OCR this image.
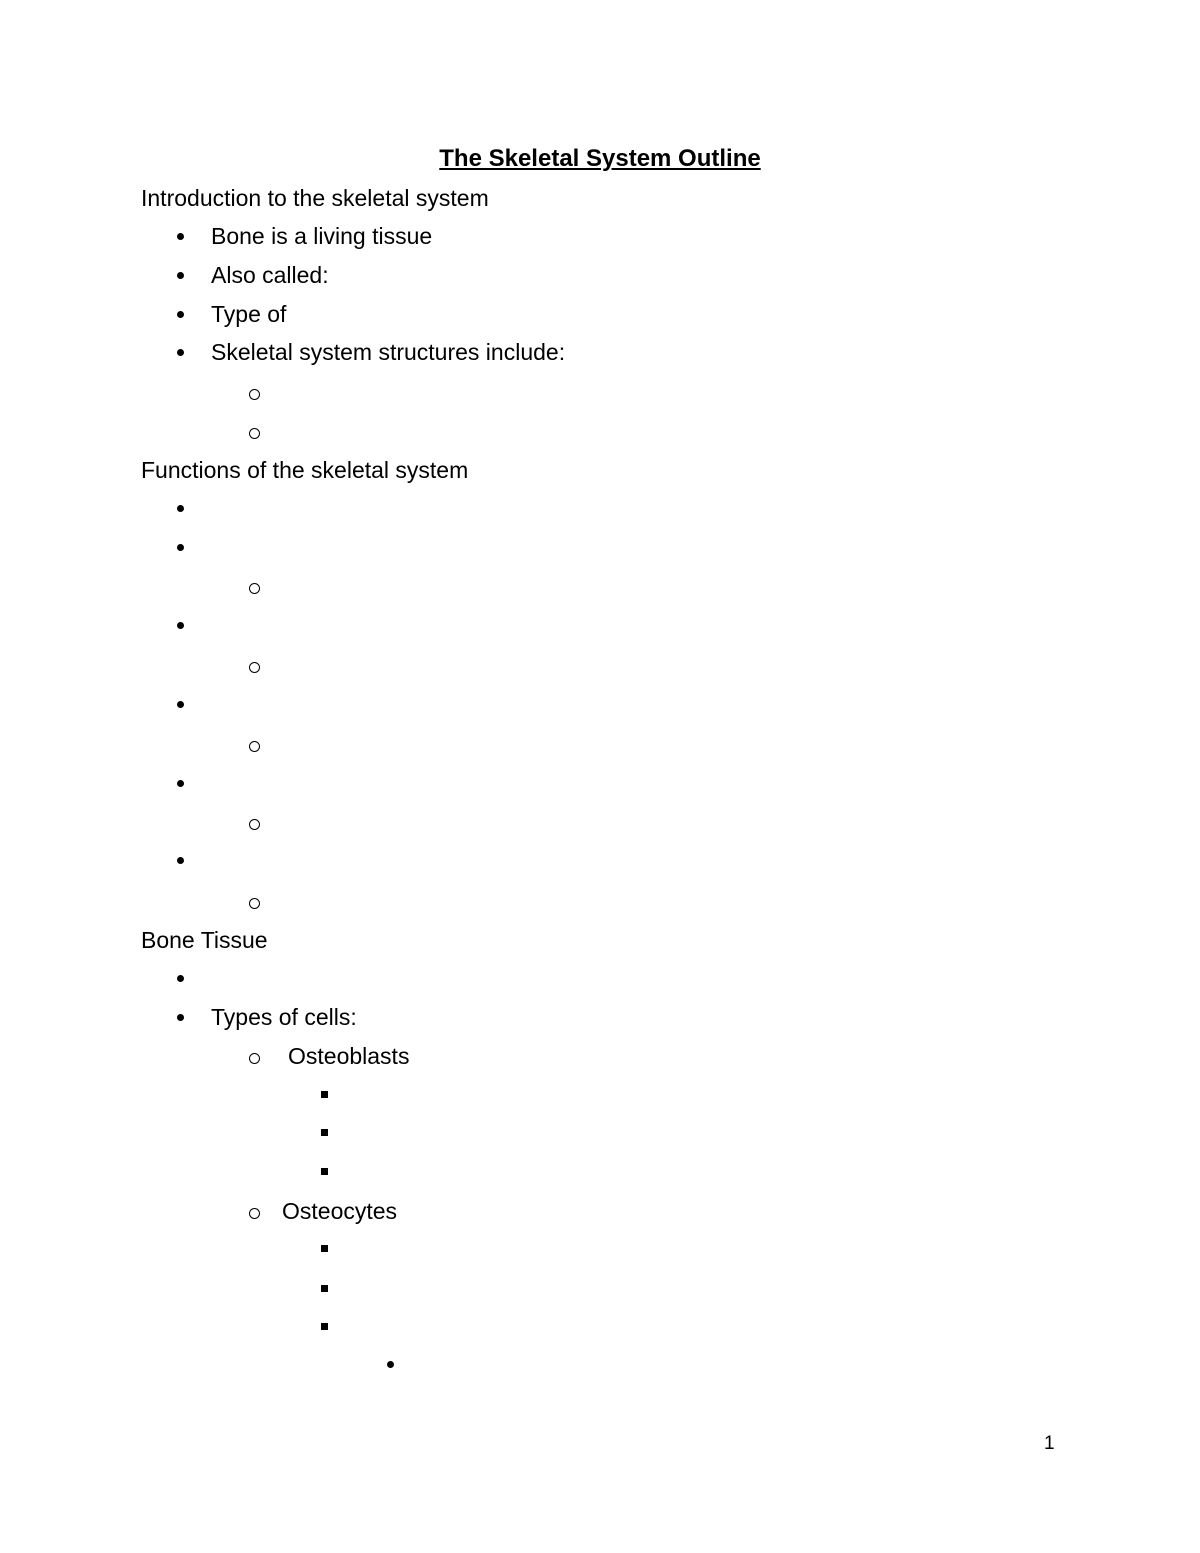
The Skeletal System Outline
Introduction to the skeletal system
Bone is a living tissue
Also called:
Type of
Skeletal system structures include:
Functions of the skeletal system
Bone Tissue
Types of cells:
Osteoblasts
Osteocytes
1
